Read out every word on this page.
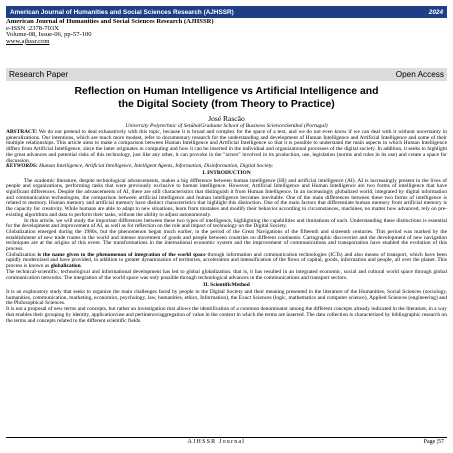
American Journal of Humanities and Social Sciences Research (AJHSSR)	2024
American Journal of Humanities and Social Sciences Research (AJHSSR)
e-ISSN :2378-703X
Volume-08, Issue-06, pp-57-100
www.ajhssr.com
Research Paper	Open Access
Reflection on Human Intelligence vs Artificial Intelligence and
the Digital Society (from Theory to Practice)
José Rascão
University Polytechnic of SetúbalGraduate School of Business SciencesSetúbal (Portugal)

ABSTRACT: We do not pretend to deal exhaustively with this topic, because it is broad and complex for the space of a text, and we do not even know if we can deal with it without uncertainty in generalizations. Our intentions, which are much more modest, refer to documentary research for the understanding and development of Human Intelligence and Artificial Intelligence and some of their multiple relationships. This article aims to make a comparison between Human Intelligence and Artificial Intelligence so that it is possible to understand the main aspects in which Human Intelligence differs from Artificial Intelligence, since the latter originates in computing and how it can be inserted in the individual and organizational processes of the digital society. In addition, it seeks to highlight the great advances and potential risks of this technology, just like any other, it can provoke in the "actors" involved in its production, use, legislation (norms and rules in its use) and create a space for discussion.

KEYWORDS: Human Intelligence, Artificial Intelligence, Intelligent Agents, Information, Disinformation, Digital Society.

I. INTRODUCTION

The academic literature, despite technological advancements, makes a big difference between human intelligence (HI) and artificial intelligence (AI). AI is increasingly present in the lives of people and organizations, performing tasks that were previously exclusive to human intelligence. However, Artificial Intelligence and Human Intelligence are two forms of intelligence that have significant differences. Despite the advancements of AI, there are still characteristics that distinguish it from Human Intelligence. In an increasingly globalized world, integrated by digital information and communication technologies, the comparison between artificial intelligence and human intelligence becomes inevitable. One of the main differences between these two forms of intelligence is related to memory. Human memory and artificial memory have distinct characteristics that highlight this distinction. One of the main factors that differentiate human memory from artificial memory is the capacity for creativity. While humans are able to adapt to new situations, learn from mistakes and modify their behavior according to circumstances, machines, no matter how advanced, rely on pre-existing algorithms and data to perform their tasks, without the ability to adjust autonomously.

In this article, we will study the important differences between these two types of intelligence, highlighting the capabilities and limitations of each. Understanding these distinctions is essential for the development and improvement of AI, as well as for reflection on the role and impact of technology on the Digital Society.

Globalization emerged during the 1980s, but the phenomenon began much earlier, in the period of the Great Navigations of the fifteenth and sixteenth centuries. This period was marked by the establishment of new trade routes in the world and intense movement of goods and people between countries on different continents. Cartographic discoveries and the development of new navigation techniques are at the origins of this event. The transformations in the international economic system and the improvement of communications and transportation have enabled the evolution of this process.

Globalization is the name given to the phenomenon of integration of the world space through information and communication technologies (ICTs) and also means of transport, which have been rapidly modernized and have provided, in addition to greater dynamization of territories, acceleration and intensification of the flows of capital, goods, information and people, all over the planet. This process is known as globalization.

The technical-scientific, technological and informational development has led to global globalization, that is, it has resulted in an integrated economic, social and cultural world space through global communication networks. The integration of the world space was only possible through technological advances in the communications and transport sectors.

II. ScientificMethod

It is an exploratory study that seeks to organize the main challenges faced by people in the Digital Society and their meaning presented in the literature of the Humanities, Social Sciences (sociology, humanities, communication, marketing, economics, psychology, law, humanities, ethics, Information), the Exact Sciences (logic, mathematics and computer science), Applied Sciences (engineering) and the Philosophical Sciences.

It is not a proposal of new terms and concepts, but rather an investigation that allows the identification of a common denominator among the different concepts already indicated in the literature, in a way that enables their grouping by identity, application/use and pertinence/aggregation of value in the context in which the terms are inserted. The data collection is characterized by bibliographic research on the terms and concepts related to the different scientific fields.

AJHSSR Journal	Page |57
